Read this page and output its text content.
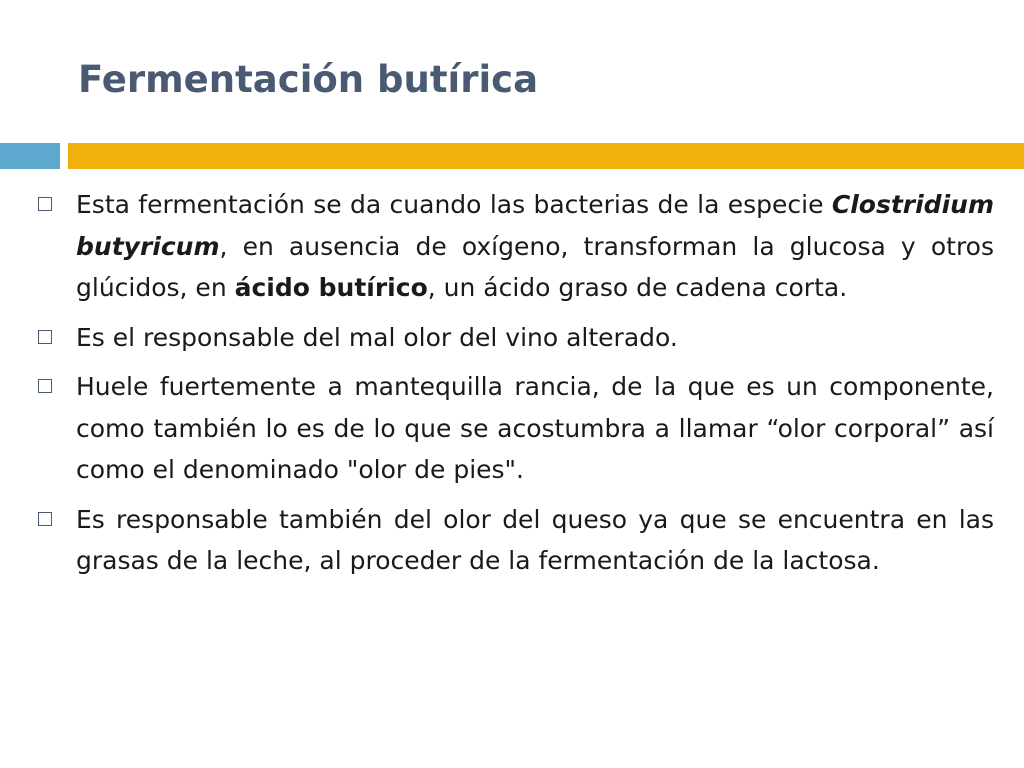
Fermentación butírica
Esta fermentación se da cuando las bacterias de la especie Clostridium butyricum, en ausencia de oxígeno, transforman la glucosa y otros glúcidos, en ácido butírico, un ácido graso de cadena corta.
Es el responsable del mal olor del vino alterado.
Huele fuertemente a mantequilla rancia, de la que es un componente, como también lo es de lo que se acostumbra a llamar “olor corporal” así como el denominado "olor de pies".
Es responsable también del olor del queso ya que se encuentra en las grasas de la leche, al proceder de la fermentación de la lactosa.
